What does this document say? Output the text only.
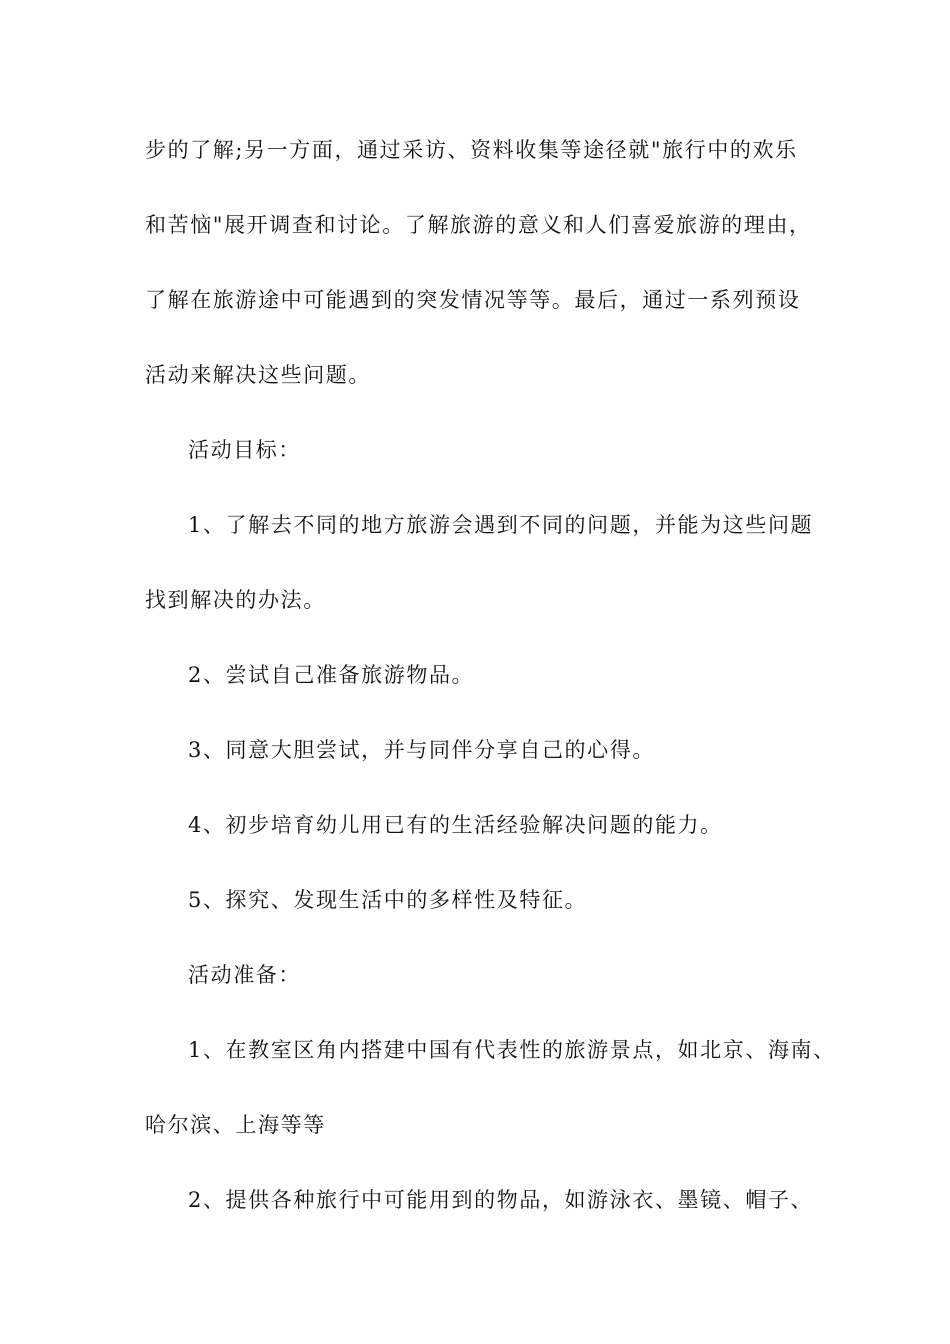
步的了解;另一方面，通过采访、资料收集等途径就"旅行中的欢乐
和苦恼"展开调查和讨论。了解旅游的意义和人们喜爱旅游的理由，
了解在旅游途中可能遇到的突发情况等等。最后，通过一系列预设
活动来解决这些问题。
活动目标：
1、了解去不同的地方旅游会遇到不同的问题，并能为这些问题
找到解决的办法。
2、尝试自己准备旅游物品。
3、同意大胆尝试，并与同伴分享自己的心得。
4、初步培育幼儿用已有的生活经验解决问题的能力。
5、探究、发现生活中的多样性及特征。
活动准备：
1、在教室区角内搭建中国有代表性的旅游景点，如北京、海南、
哈尔滨、上海等等
2、提供各种旅行中可能用到的物品，如游泳衣、墨镜、帽子、
